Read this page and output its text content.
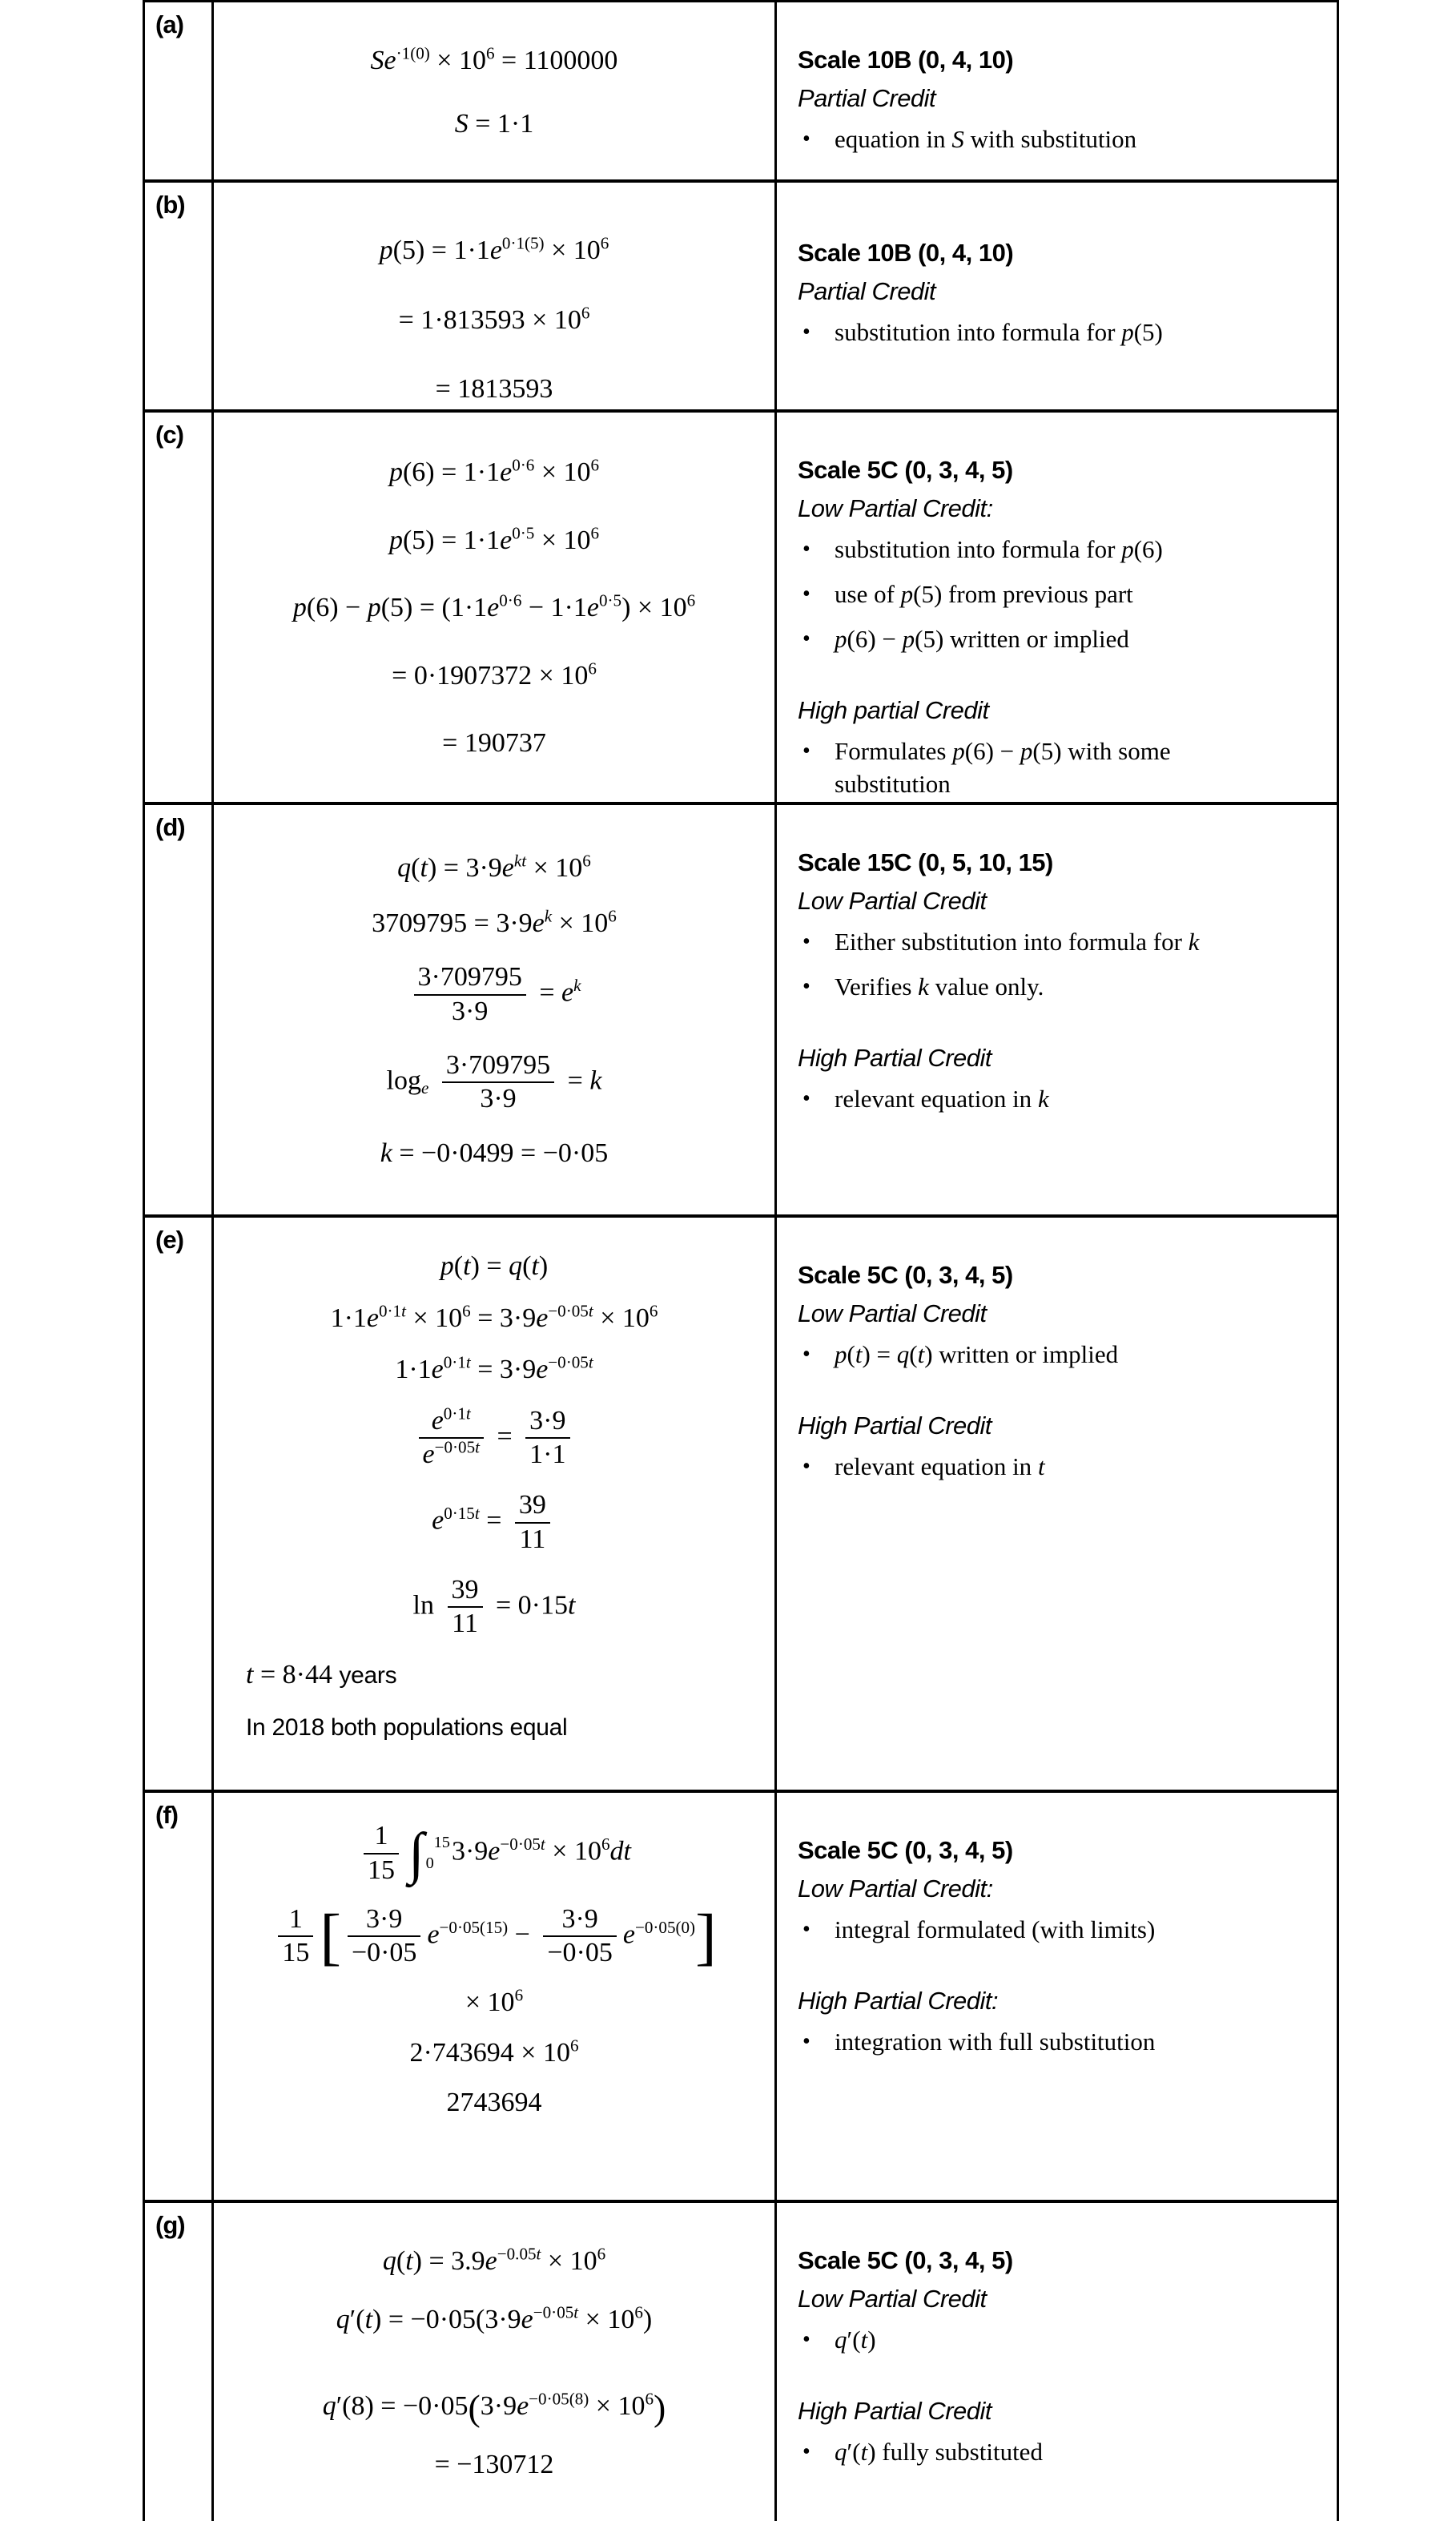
(a)
$Se^{\cdot 1(0)} \times 10^6 = 1100000$
S = 1·1
Scale 10B (0, 4, 10)
Partial Credit
• equation in S with substitution
(b)
$p(5) = 1\cdot 1e^{0\cdot 1(5)} \times 10^6$
= $1\cdot 813593 \times 10^6$
= 1813593
Scale 10B (0, 4, 10)
Partial Credit
• substitution into formula for p(5)
(c)
$p(6) = 1\cdot 1e^{0\cdot 6} \times 10^6$
$p(5) = 1\cdot 1e^{0\cdot 5} \times 10^6$
$p(6) - p(5) = (1\cdot 1e^{0\cdot 6} - 1\cdot 1e^{0\cdot 5}) \times 10^6$
= $0\cdot 1907372 \times 10^6$
= 190737
Scale 5C (0, 3, 4, 5)
Low Partial Credit:
• substitution into formula for p(6)
• use of p(5) from previous part
• p(6) − p(5) written or implied
High partial Credit
• Formulates p(6) − p(5) with some substitution
(d)
$q(t) = 3\cdot 9e^{kt} \times 10^6$
$3709795 = 3\cdot 9e^k \times 10^6$
$\frac{3\cdot 709795}{3\cdot 9} = e^k$
$\log_e \frac{3\cdot 709795}{3\cdot 9} = k$
k = −0·0499 = −0·05
Scale 15C (0, 5, 10, 15)
Low Partial Credit
• Either substitution into formula for k
• Verifies k value only.
High Partial Credit
• relevant equation in k
(e)
p(t) = q(t)
$1\cdot 1e^{0\cdot 1t} \times 10^6 = 3\cdot 9e^{-0\cdot 05t} \times 10^6$
$1\cdot 1e^{0\cdot 1t} = 3\cdot 9e^{-0\cdot 05t}$
$\frac{e^{0\cdot 1t}}{e^{-0\cdot 05t}} = \frac{3\cdot 9}{1\cdot 1}$
$e^{0\cdot 15t} = \frac{39}{11}$
$\ln \frac{39}{11} = 0\cdot 15t$
t = 8·44 years
In 2018 both populations equal
Scale 5C (0, 3, 4, 5)
Low Partial Credit
• p(t) = q(t) written or implied
High Partial Credit
• relevant equation in t
(f)
$\frac{1}{15}$ ∫ 15
0 $3\cdot 9e^{-0\cdot 05t} \times 10^6dt$
$\frac{1}{15}$ [ $\frac{3\cdot 9}{-0\cdot 05} e^{-0\cdot 05(15)} - \frac{3\cdot 9}{-0\cdot 05} e^{-0\cdot 05(0)}$]
× $10^6$
$2\cdot 743694 \times 10^6$
2743694
Scale 5C (0, 3, 4, 5)
Low Partial Credit:
• integral formulated (with limits)
High Partial Credit:
• integration with full substitution
(g)
$q(t) = 3.9e^{-0.05t} \times 10^6$
$q'(t) = -0\cdot 05(3\cdot 9e^{-0\cdot 05t} \times 10^6)$
$q'(8) = -0\cdot 05(3\cdot 9e^{-0\cdot 05(8)} \times 10^6)$
= −130712
Scale 5C (0, 3, 4, 5)
Low Partial Credit
• q′(t)
High Partial Credit
• q′(t) fully substituted
